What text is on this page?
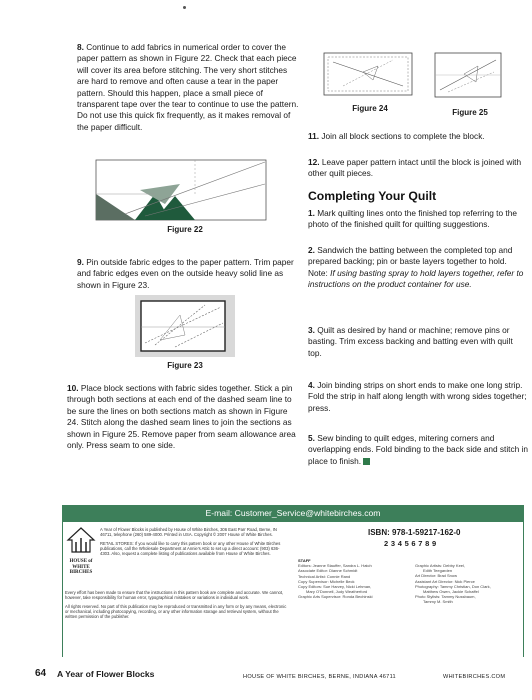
8. Continue to add fabrics in numerical order to cover the paper pattern as shown in Figure 22. Check that each piece will cover its area before stitching. The very short stitches are hard to remove and often cause a tear in the paper pattern. Should this happen, place a small piece of transparent tape over the tear to continue to use the pattern. Do not use this quick fix frequently, as it makes removal of the paper difficult.

Figure 22

9. Pin outside fabric edges to the paper pattern. Trim paper and fabric edges even on the outside heavy solid line as shown in Figure 23.

Figure 23

10. Place block sections with fabric sides together. Stick a pin through both sections at each end of the dashed seam line to be sure the lines on both sections match as shown in Figure 24. Stitch along the dashed seam lines to join the sections as shown in Figure 25. Remove paper from seam allowance area only. Press seam to one side.

Figure 24	Figure 25

11. Join all block sections to complete the block.

12. Leave paper pattern intact until the block is joined with other quilt pieces.

Completing Your Quilt

1. Mark quilting lines onto the finished top referring to the photo of the finished quilt for quilting suggestions.

2. Sandwich the batting between the completed top and prepared backing; pin or baste layers together to hold. Note: If using basting spray to hold layers together, refer to instructions on the product container for use.

3. Quilt as desired by hand or machine; remove pins or basting. Trim excess backing and batting even with quilt top.

4. Join binding strips on short ends to make one long strip. Fold the strip in half along length with wrong sides together; press.

5. Sew binding to quilt edges, mitering corners and overlapping ends. Fold binding to the back side and stitch in place to finish.

E-mail: Customer_Service@whitebirches.com
HOUSE of WHITE BIRCHES

A Year of Flower Blocks is published by House of White Birches, 306 East Parr Road, Berne, IN 46711, telephone (260) 589-4000. Printed in USA. Copyright © 2007 House of White Birches.

RETAIL STORES: If you would like to carry this pattern book or any other House of White Birches publications, call the Wholesale Department at Annie's Attic to set up a direct account: (903) 636-4303. Also, request a complete listing of publications available from House of White Birches.

Every effort has been made to ensure that the instructions in this pattern book are complete and accurate. We cannot, however, take responsibility for human error, typographical mistakes or variations in individual work.

All rights reserved. No part of this publication may be reproduced or transmitted in any form or by any means, electronic or mechanical, including photocopying, recording, or any other information storage and retrieval system, without the written permission of the publisher.

ISBN: 978-1-59217-162-0
2 3 4 5 6 7 8 9
STAFF
Editors: Jeanne Stauffer, Sandra L. Hatch
Associate Editor: Dianne Schmidt
Technical Artist: Connie Rand
Copy Supervisor: Michelle Beck
Copy Editors: Sue Harvey, Nicki Lehman,
Mary O'Donnell, Judy Weatherford
Graphic Arts Supervisor: Ronda Bechinski
Graphic Artists: Debby Keel,
Edith Teegarden
Art Director: Brad Snow
Assistant Art Director: Nick Pierce
Photography: Tammy Christian, Don Clark,
Matthew Owen, Jackie Schaffel
Photo Stylists: Tammy Nussbaum,
Tammy M. Smith
64 A Year of Flower Blocks	HOUSE OF WHITE BIRCHES, BERNE, INDIANA 46711	WHITEBIRCHES.COM
